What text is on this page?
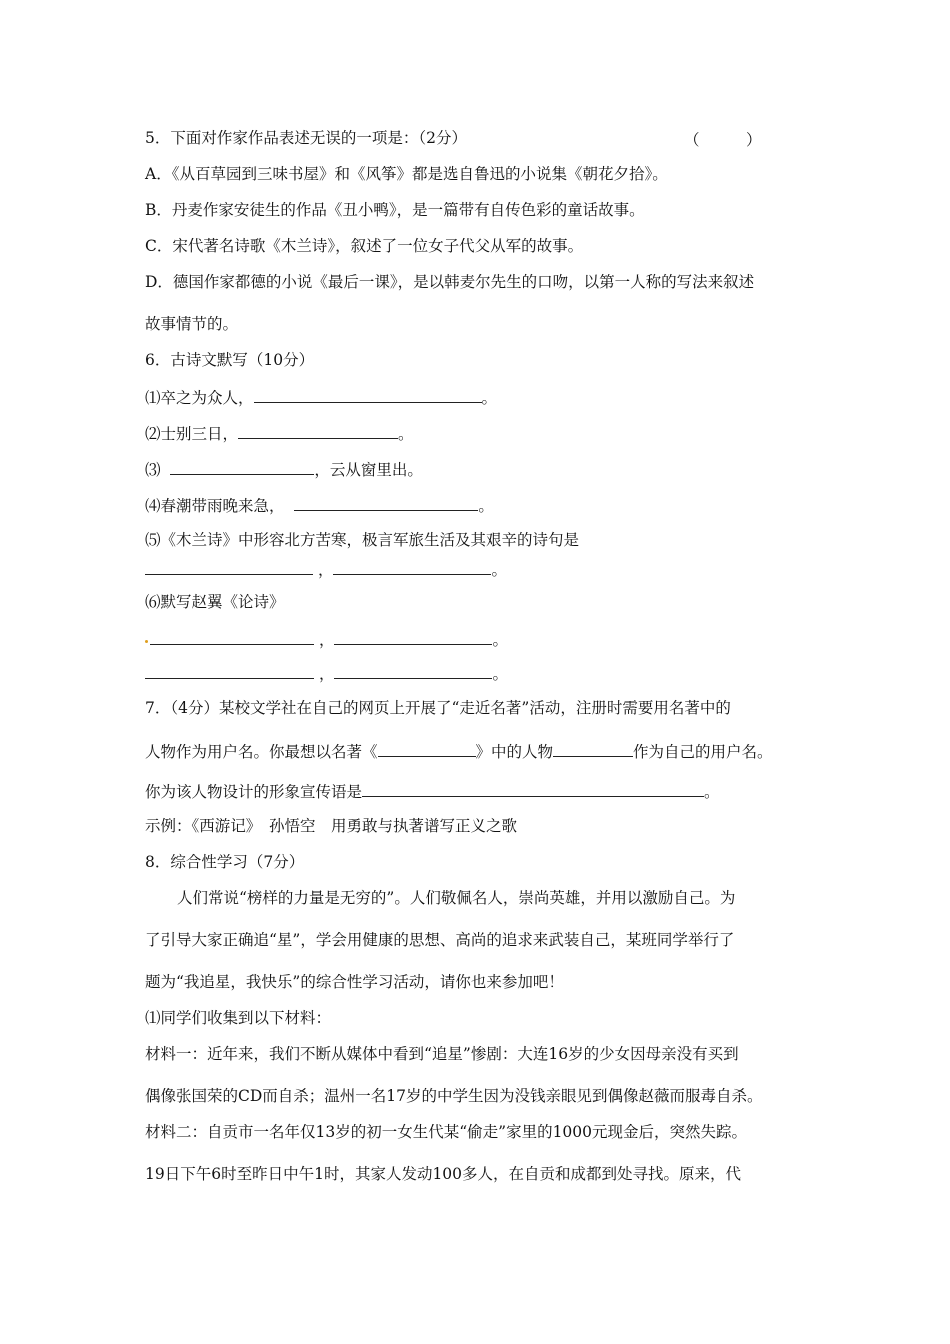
5．下面对作家作品表述无误的一项是：（2分）	（　　　）
A．《从百草园到三味书屋》和《风筝》都是选自鲁迅的小说集《朝花夕拾》。
B．丹麦作家安徒生的作品《丑小鸭》，是一篇带有自传色彩的童话故事。
C．宋代著名诗歌《木兰诗》，叙述了一位女子代父从军的故事。
D．德国作家都德的小说《最后一课》，是以韩麦尔先生的口吻，以第一人称的写法来叙述
故事情节的。
6．古诗文默写（10分）
⑴卒之为众人，	。
⑵士别三日，	。
⑶	，云从窗里出。
⑷春潮带雨晚来急，	。
⑸《木兰诗》中形容北方苦寒，极言军旅生活及其艰辛的诗句是
，	。
⑹默写赵翼《论诗》
，	。
，	。
7．（4分）某校文学社在自己的网页上开展了“走近名著”活动，注册时需要用名著中的
人物作为用户名。你最想以名著《	》中的人物	作为自己的用户名。
你为该人物设计的形象宣传语是	。
示例：《西游记》　孙悟空　用勇敢与执著谱写正义之歌
8．综合性学习（7分）
人们常说“榜样的力量是无穷的”。人们敬佩名人，崇尚英雄，并用以激励自己。为
了引导大家正确追“星”，学会用健康的思想、高尚的追求来武装自己，某班同学举行了
题为“我追星，我快乐”的综合性学习活动，请你也来参加吧！
⑴同学们收集到以下材料：
材料一：近年来，我们不断从媒体中看到“追星”惨剧：大连16岁的少女因母亲没有买到
偶像张国荣的CD而自杀；温州一名17岁的中学生因为没钱亲眼见到偶像赵薇而服毒自杀。
材料二：自贡市一名年仅13岁的初一女生代某“偷走”家里的1000元现金后，突然失踪。
19日下午6时至昨日中午1时，其家人发动100多人，在自贡和成都到处寻找。原来，代
